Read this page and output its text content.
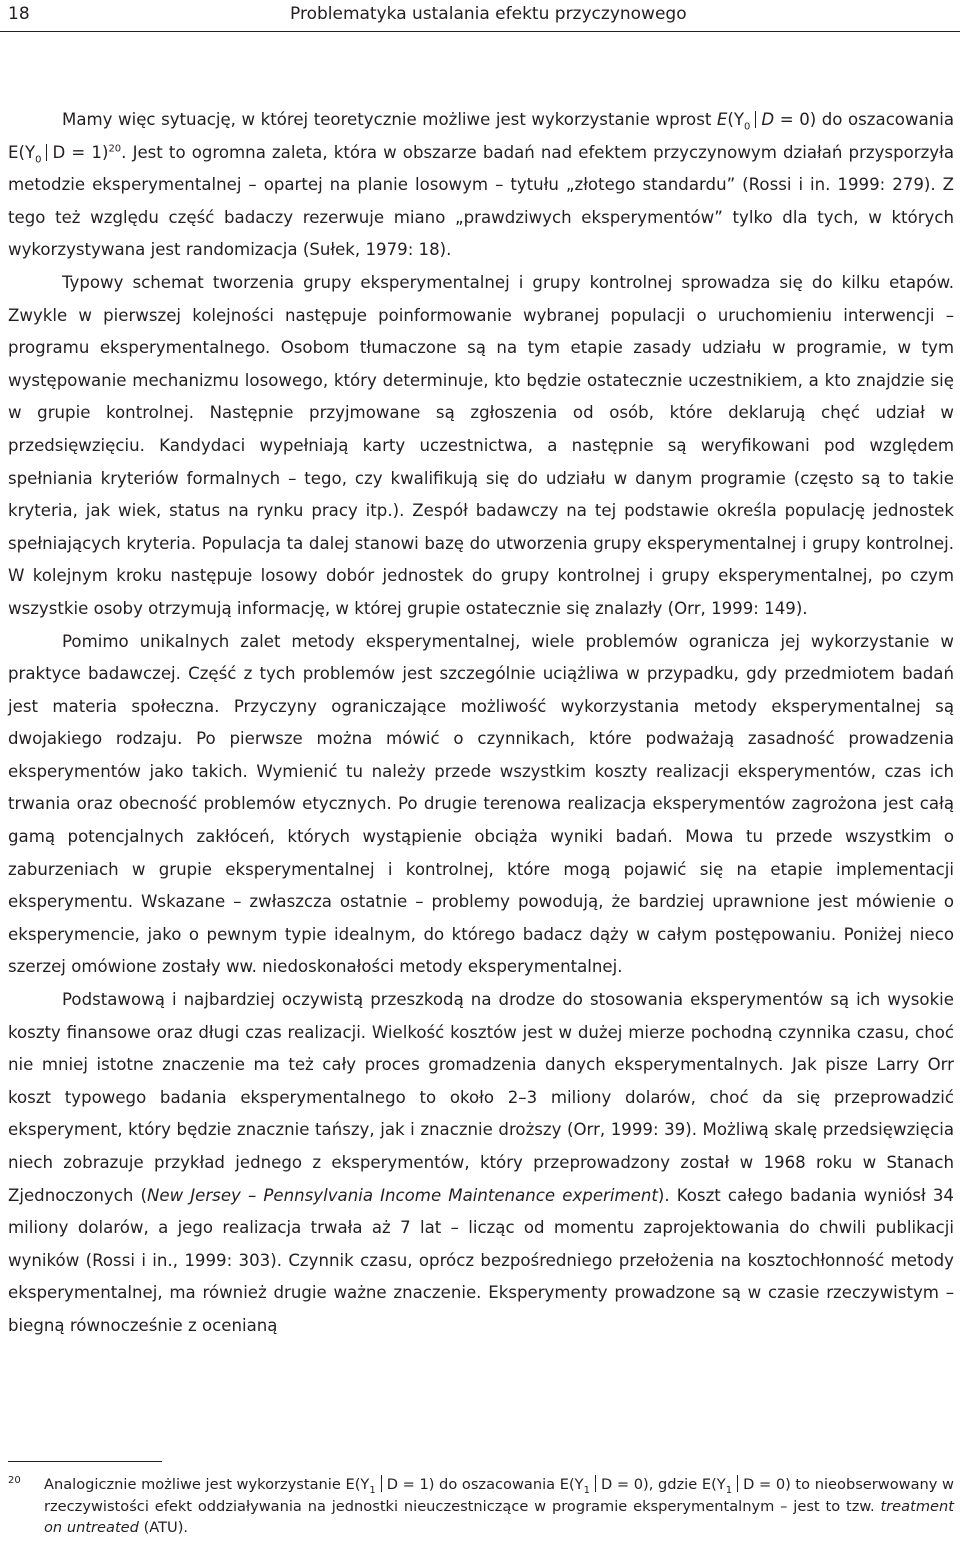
18	Problematyka ustalania efektu przyczynowego

Mamy więc sytuację, w której teoretycznie możliwe jest wykorzystanie wprost $E(Y_0$ D = 0) do oszacowania $E(Y_0$ D = 1)$^{20}$. Jest to ogromna zaleta, która w obszarze badań nad efektem przyczynowym działań przysporzyła metodzie eksperymentalnej – opartej na planie losowym – tytułu „złotego standardu” (Rossi i in. 1999: 279). Z tego też względu część badaczy rezerwuje miano „prawdziwych eksperymentów” tylko dla tych, w których wykorzystywana jest randomizacja (Sułek, 1979: 18).

Typowy schemat tworzenia grupy eksperymentalnej i grupy kontrolnej sprowadza się do kilku etapów. Zwykle w pierwszej kolejności następuje poinformowanie wybranej populacji o uruchomieniu interwencji – programu eksperymentalnego. Osobom tłumaczone są na tym etapie zasady udziału w programie, w tym występowanie mechanizmu losowego, który determinuje, kto będzie ostatecznie uczestnikiem, a kto znajdzie się w grupie kontrolnej. Następnie przyjmowane są zgłoszenia od osób, które deklarują chęć udział w przedsięwzięciu. Kandydaci wypełniają karty uczestnictwa, a następnie są weryfikowani pod względem spełniania kryteriów formalnych – tego, czy kwalifikują się do udziału w danym programie (często są to takie kryteria, jak wiek, status na rynku pracy itp.). Zespół badawczy na tej podstawie określa populację jednostek spełniających kryteria. Populacja ta dalej stanowi bazę do utworzenia grupy eksperymentalnej i grupy kontrolnej. W kolejnym kroku następuje losowy dobór jednostek do grupy kontrolnej i grupy eksperymentalnej, po czym wszystkie osoby otrzymują informację, w której grupie ostatecznie się znalazły (Orr, 1999: 149).

Pomimo unikalnych zalet metody eksperymentalnej, wiele problemów ogranicza jej wykorzystanie w praktyce badawczej. Część z tych problemów jest szczególnie uciążliwa w przypadku, gdy przedmiotem badań jest materia społeczna. Przyczyny ograniczające możliwość wykorzystania metody eksperymentalnej są dwojakiego rodzaju. Po pierwsze można mówić o czynnikach, które podważają zasadność prowadzenia eksperymentów jako takich. Wymienić tu należy przede wszystkim koszty realizacji eksperymentów, czas ich trwania oraz obecność problemów etycznych. Po drugie terenowa realizacja eksperymentów zagrożona jest całą gamą potencjalnych zakłóceń, których wystąpienie obciąża wyniki badań. Mowa tu przede wszystkim o zaburzeniach w grupie eksperymentalnej i kontrolnej, które mogą pojawić się na etapie implementacji eksperymentu. Wskazane – zwłaszcza ostatnie – problemy powodują, że bardziej uprawnione jest mówienie o eksperymencie, jako o pewnym typie idealnym, do którego badacz dąży w całym postępowaniu. Poniżej nieco szerzej omówione zostały ww. niedoskonałości metody eksperymentalnej.

Podstawową i najbardziej oczywistą przeszkodą na drodze do stosowania eksperymentów są ich wysokie koszty finansowe oraz długi czas realizacji. Wielkość kosztów jest w dużej mierze pochodną czynnika czasu, choć nie mniej istotne znaczenie ma też cały proces gromadzenia danych eksperymentalnych. Jak pisze Larry Orr koszt typowego badania eksperymentalnego to około 2–3 miliony dolarów, choć da się przeprowadzić eksperyment, który będzie znacznie tańszy, jak i znacznie droższy (Orr, 1999: 39). Możliwą skalę przedsięwzięcia niech zobrazuje przykład jednego z eksperymentów, który przeprowadzony został w 1968 roku w Stanach Zjednoczonych (New Jersey – Pennsylvania Income Maintenance experiment). Koszt całego badania wyniósł 34 miliony dolarów, a jego realizacja trwała aż 7 lat – licząc od momentu zaprojektowania do chwili publikacji wyników (Rossi i in., 1999: 303). Czynnik czasu, oprócz bezpośredniego przełożenia na kosztochłonność metody eksperymentalnej, ma również drugie ważne znaczenie. Eksperymenty prowadzone są w czasie rzeczywistym – biegną równocześnie z ocenianą

20 Analogicznie możliwe jest wykorzystanie $E(Y_1$ D = 1) do oszacowania $E(Y_1$ D = 0), gdzie $E(Y_1$ D = 0) to nieobserwowany w rzeczywistości efekt oddziaływania na jednostki nieuczestniczące w programie eksperymentalnym – jest to tzw. treatment on untreated (ATU).
